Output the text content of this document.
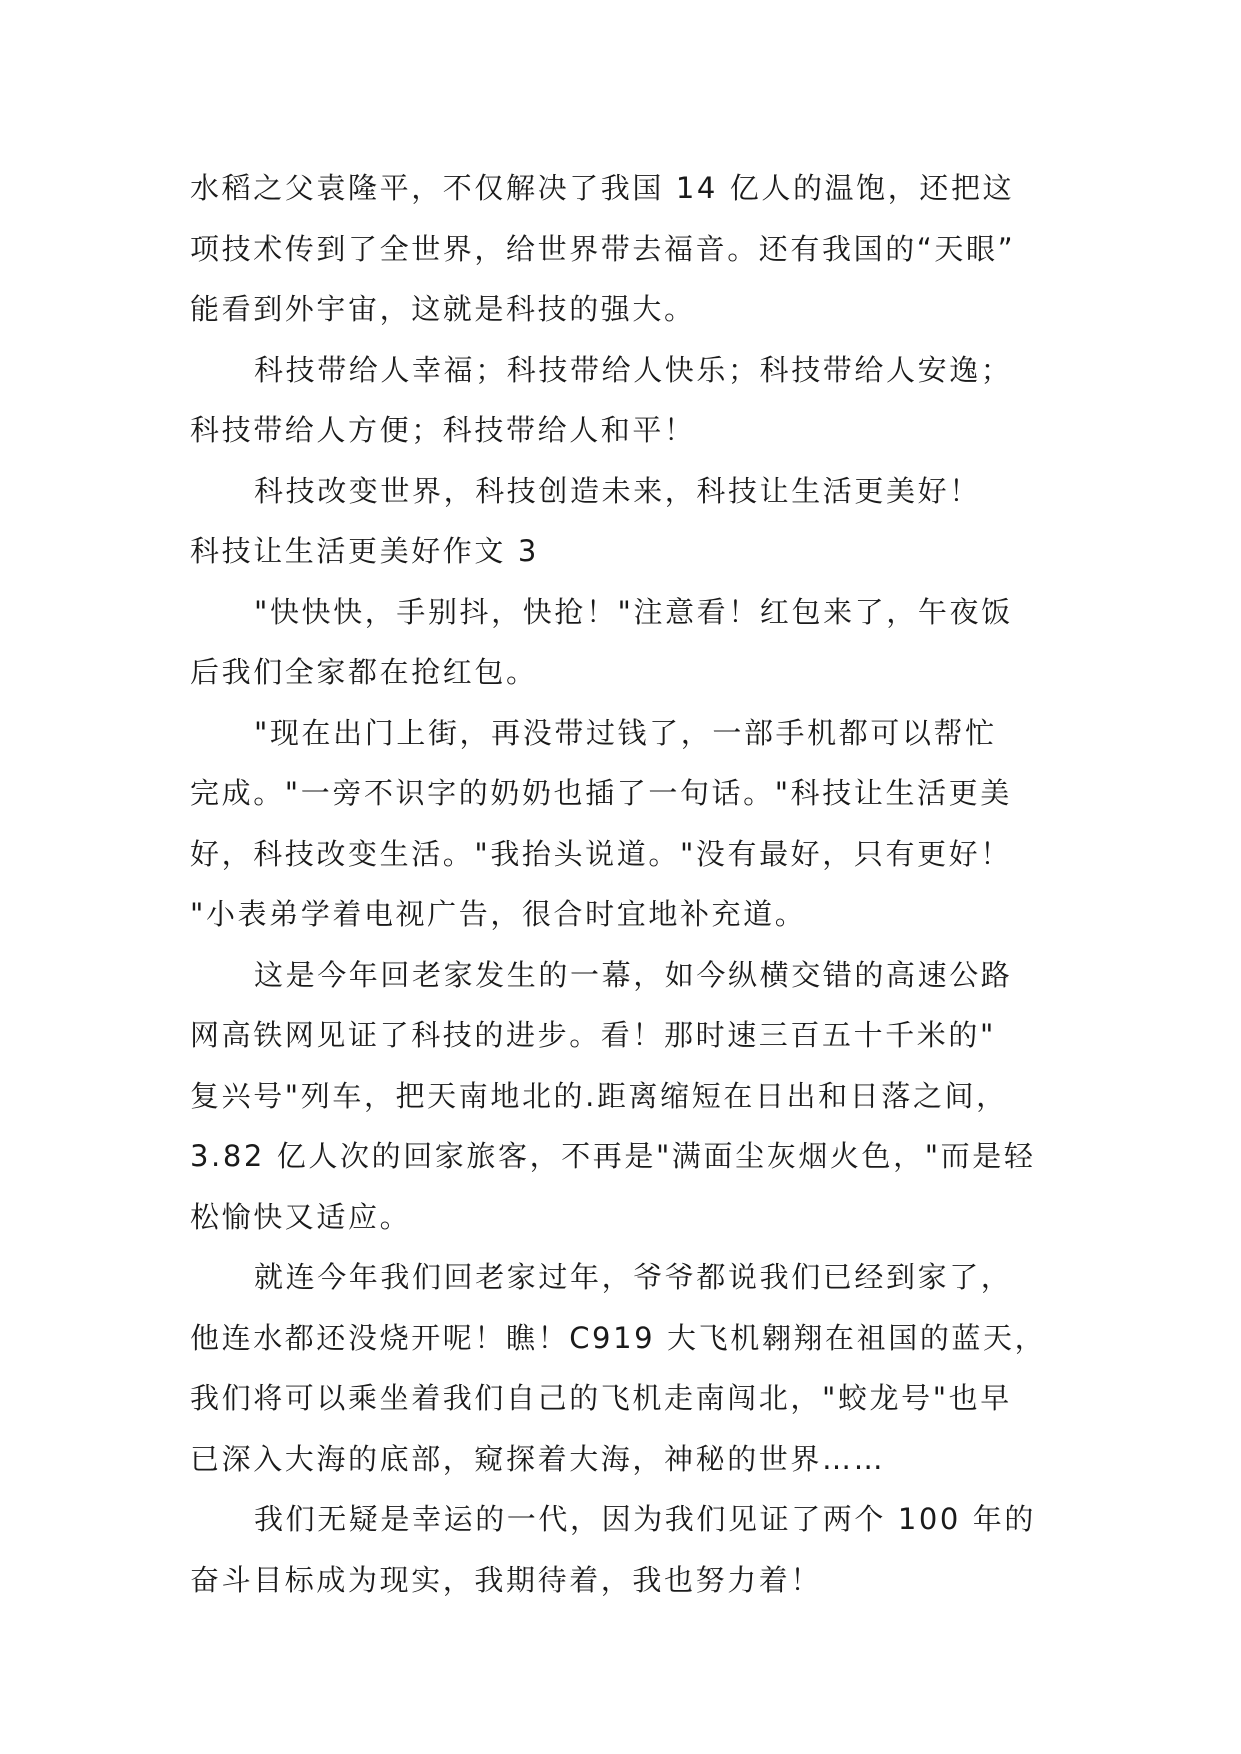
水稻之父袁隆平，不仅解决了我国 14 亿人的温饱，还把这
项技术传到了全世界，给世界带去福音。还有我国的“天眼”
能看到外宇宙，这就是科技的强大。
科技带给人幸福；科技带给人快乐；科技带给人安逸；
科技带给人方便；科技带给人和平！
科技改变世界，科技创造未来，科技让生活更美好！
科技让生活更美好作文 3
"快快快，手别抖，快抢！"注意看！红包来了，午夜饭
后我们全家都在抢红包。
"现在出门上街，再没带过钱了，一部手机都可以帮忙
完成。"一旁不识字的奶奶也插了一句话。"科技让生活更美
好，科技改变生活。"我抬头说道。"没有最好，只有更好！
"小表弟学着电视广告，很合时宜地补充道。
这是今年回老家发生的一幕，如今纵横交错的高速公路
网高铁网见证了科技的进步。看！那时速三百五十千米的"
复兴号"列车，把天南地北的.距离缩短在日出和日落之间，
3.82 亿人次的回家旅客，不再是"满面尘灰烟火色，"而是轻
松愉快又适应。
就连今年我们回老家过年，爷爷都说我们已经到家了，
他连水都还没烧开呢！瞧！C919 大飞机翱翔在祖国的蓝天，
我们将可以乘坐着我们自己的飞机走南闯北，"蛟龙号"也早
已深入大海的底部，窥探着大海，神秘的世界……
我们无疑是幸运的一代，因为我们见证了两个 100 年的
奋斗目标成为现实，我期待着，我也努力着！
